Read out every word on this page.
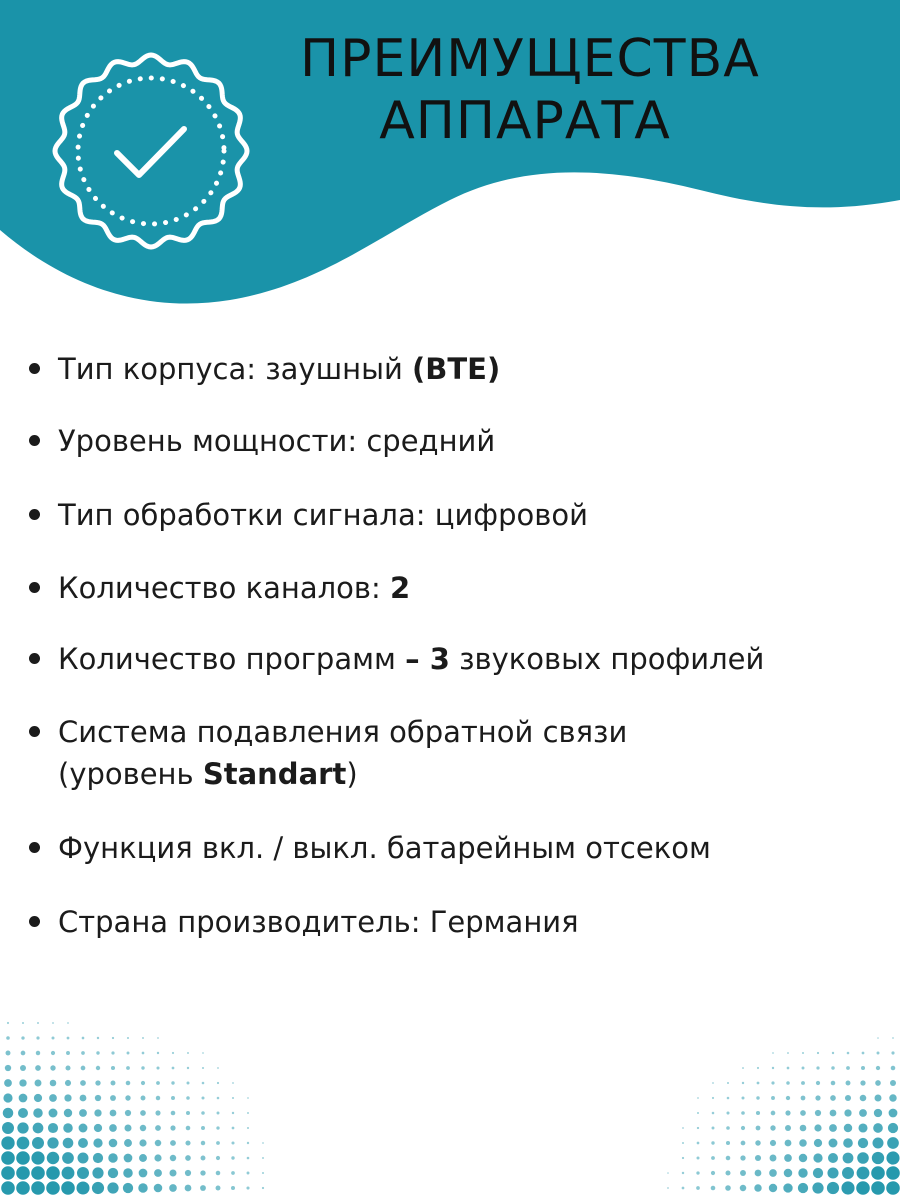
ПРЕИМУЩЕСТВА
АППАРАТА
Тип корпуса: заушный (BTE)
Уровень мощности: средний
Тип обработки сигнала: цифровой
Количество каналов: 2
Количество программ – 3 звуковых профилей
Система подавления обратной связи
(уровень Standart)
Функция вкл. / выкл. батарейным отсеком
Страна производитель: Германия
